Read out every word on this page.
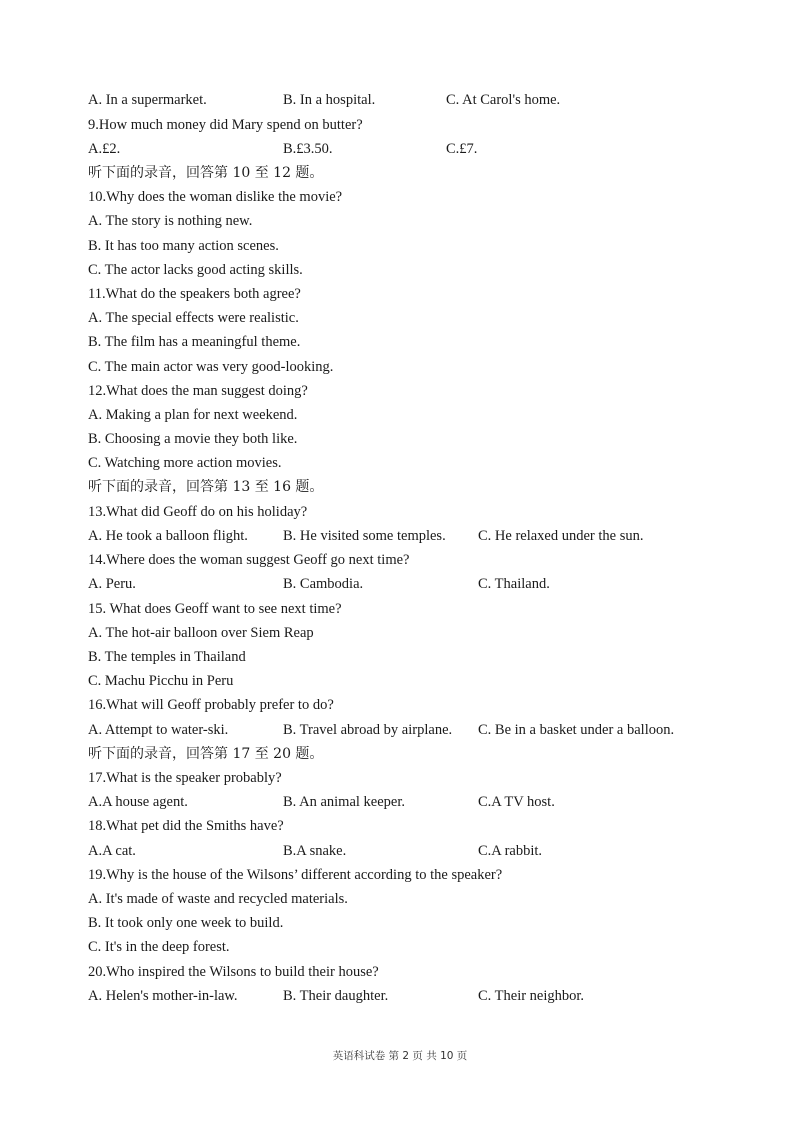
A. In a supermarket.	B. In a hospital.	C. At Carol's home.
9.How much money did Mary spend on butter?
A.£2.	B.£3.50.	C.£7.
听下面的录音，回答第 10 至 12 题。
10.Why does the woman dislike the movie?
A. The story is nothing new.
B. It has too many action scenes.
C. The actor lacks good acting skills.
11.What do the speakers both agree?
A. The special effects were realistic.
B. The film has a meaningful theme.
C. The main actor was very good-looking.
12.What does the man suggest doing?
A. Making a plan for next weekend.
B. Choosing a movie they both like.
C. Watching more action movies.
听下面的录音，回答第 13 至 16 题。
13.What did Geoff do on his holiday?
A. He took a balloon flight. B. He visited some temples. C. He relaxed under the sun.
14.Where does the woman suggest Geoff go next time?
A. Peru.	B. Cambodia.	C. Thailand.
15. What does Geoff want to see next time?
A. The hot-air balloon over Siem Reap
B. The temples in Thailand
C. Machu Picchu in Peru
16.What will Geoff probably prefer to do?
A. Attempt to water-ski.	B. Travel abroad by airplane. C. Be in a basket under a balloon.
听下面的录音，回答第 17 至 20 题。
17.What is the speaker probably?
A.A house agent.	B. An animal keeper.	C.A TV host.
18.What pet did the Smiths have?
A.A cat.	B.A snake.	C.A rabbit.
19.Why is the house of the Wilsons’ different according to the speaker?
A. It's made of waste and recycled materials.
B. It took only one week to build.
C. It's in the deep forest.
20.Who inspired the Wilsons to build their house?
A. Helen's mother-in-law.	B. Their daughter.	C. Their neighbor.
英语科试卷 第 2 页 共 10 页
